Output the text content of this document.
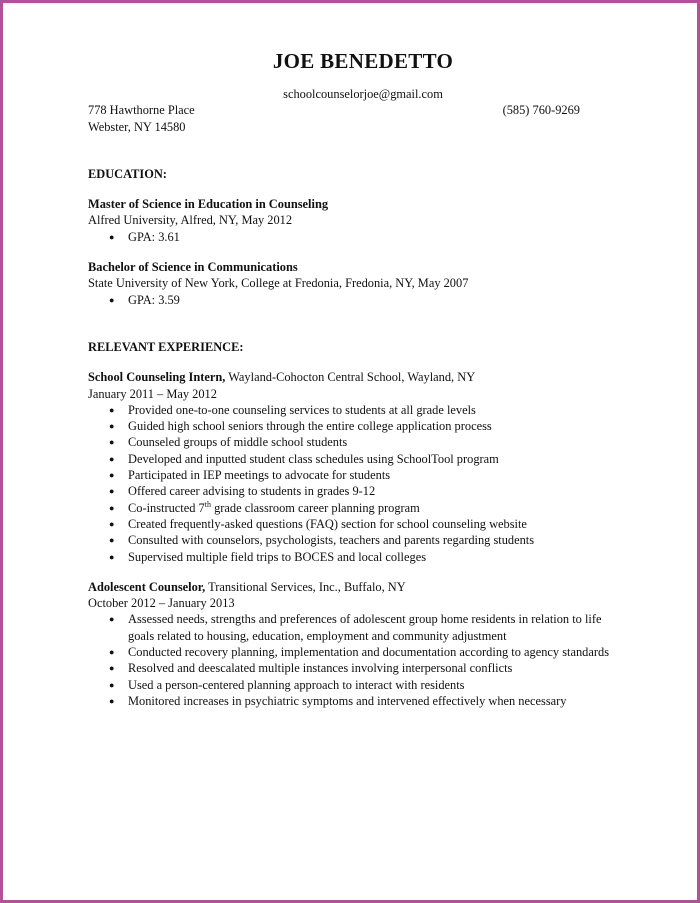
JOE BENEDETTO
schoolcounselorjoe@gmail.com
778 Hawthorne Place	(585) 760-9269
Webster, NY 14580
EDUCATION:
Master of Science in Education in Counseling
Alfred University, Alfred, NY, May 2012
● GPA: 3.61
Bachelor of Science in Communications
State University of New York, College at Fredonia, Fredonia, NY, May 2007
● GPA: 3.59
RELEVANT EXPERIENCE:
School Counseling Intern, Wayland-Cohocton Central School, Wayland, NY
January 2011 – May 2012
● Provided one-to-one counseling services to students at all grade levels
● Guided high school seniors through the entire college application process
● Counseled groups of middle school students
● Developed and inputted student class schedules using SchoolTool program
● Participated in IEP meetings to advocate for students
● Offered career advising to students in grades 9-12
● Co-instructed 7th grade classroom career planning program
● Created frequently-asked questions (FAQ) section for school counseling website
● Consulted with counselors, psychologists, teachers and parents regarding students
● Supervised multiple field trips to BOCES and local colleges
Adolescent Counselor, Transitional Services, Inc., Buffalo, NY
October 2012 – January 2013
● Assessed needs, strengths and preferences of adolescent group home residents in relation to life goals related to housing, education, employment and community adjustment
● Conducted recovery planning, implementation and documentation according to agency standards
● Resolved and deescalated multiple instances involving interpersonal conflicts
● Used a person-centered planning approach to interact with residents
● Monitored increases in psychiatric symptoms and intervened effectively when necessary
